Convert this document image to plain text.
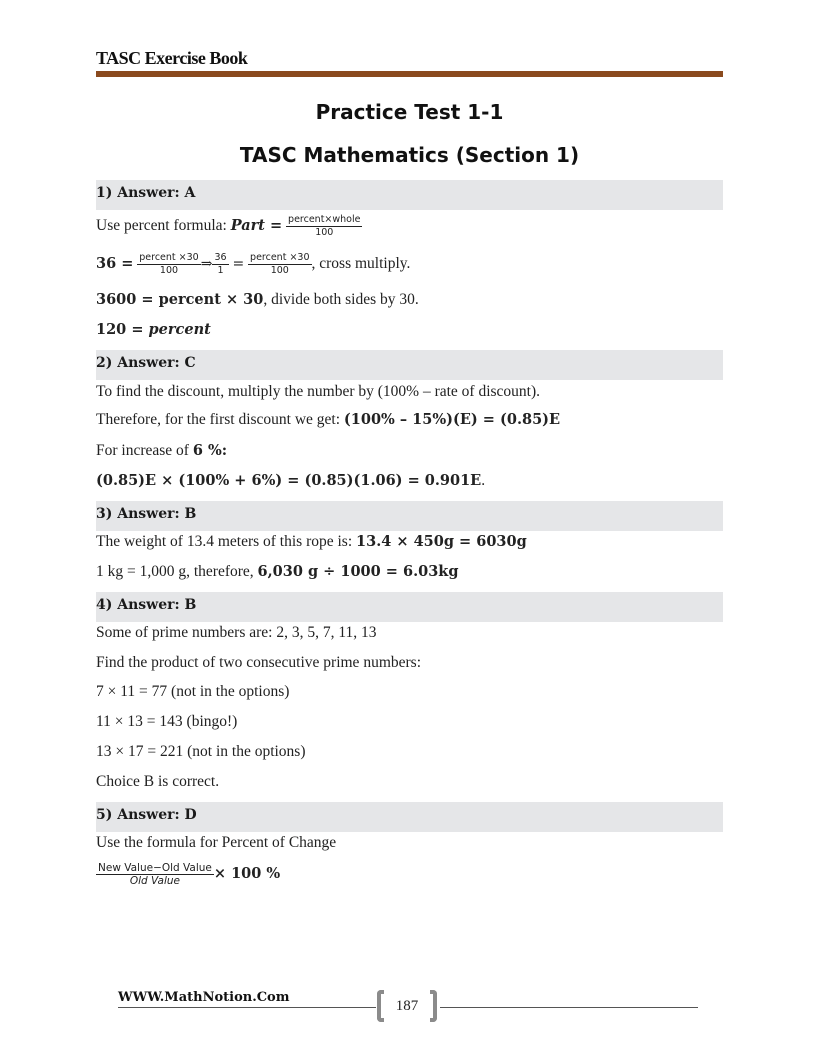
TASC Exercise Book
Practice Test 1-1
TASC Mathematics (Section 1)
1) Answer: A
Use percent formula: Part = $\frac{\text{percent×whole}}{100}$
$36 = \frac{\text{percent ×30}}{100}$ ⇒ $\frac{36}{1} = \frac{\text{percent ×30}}{100}$ , cross multiply.
3600 = percent × 30, divide both sides by 30.
120 = percent
2) Answer: C
To find the discount, multiply the number by (100% – rate of discount).
Therefore, for the first discount we get: (100% – 15%)(E) = (0.85)E
For increase of 6 %:
(0.85)E × (100% + 6%) = (0.85)(1.06) = 0.901E.
3) Answer: B
The weight of 13.4 meters of this rope is: 13.4 × 450g = 6030g
1 kg = 1,000 g, therefore, 6,030 g ÷ 1000 = 6.03kg
4) Answer: B
Some of prime numbers are: 2, 3, 5, 7, 11, 13
Find the product of two consecutive prime numbers:
7 × 11 = 77 (not in the options)
11 × 13 = 143 (bingo!)
13 × 17 = 221 (not in the options)
Choice B is correct.
5) Answer: D
Use the formula for Percent of Change
$\frac{\text{New Value−Old Value}}{\text{Old Value}} \times 100$ %
WWW.MathNotion.Com
187
